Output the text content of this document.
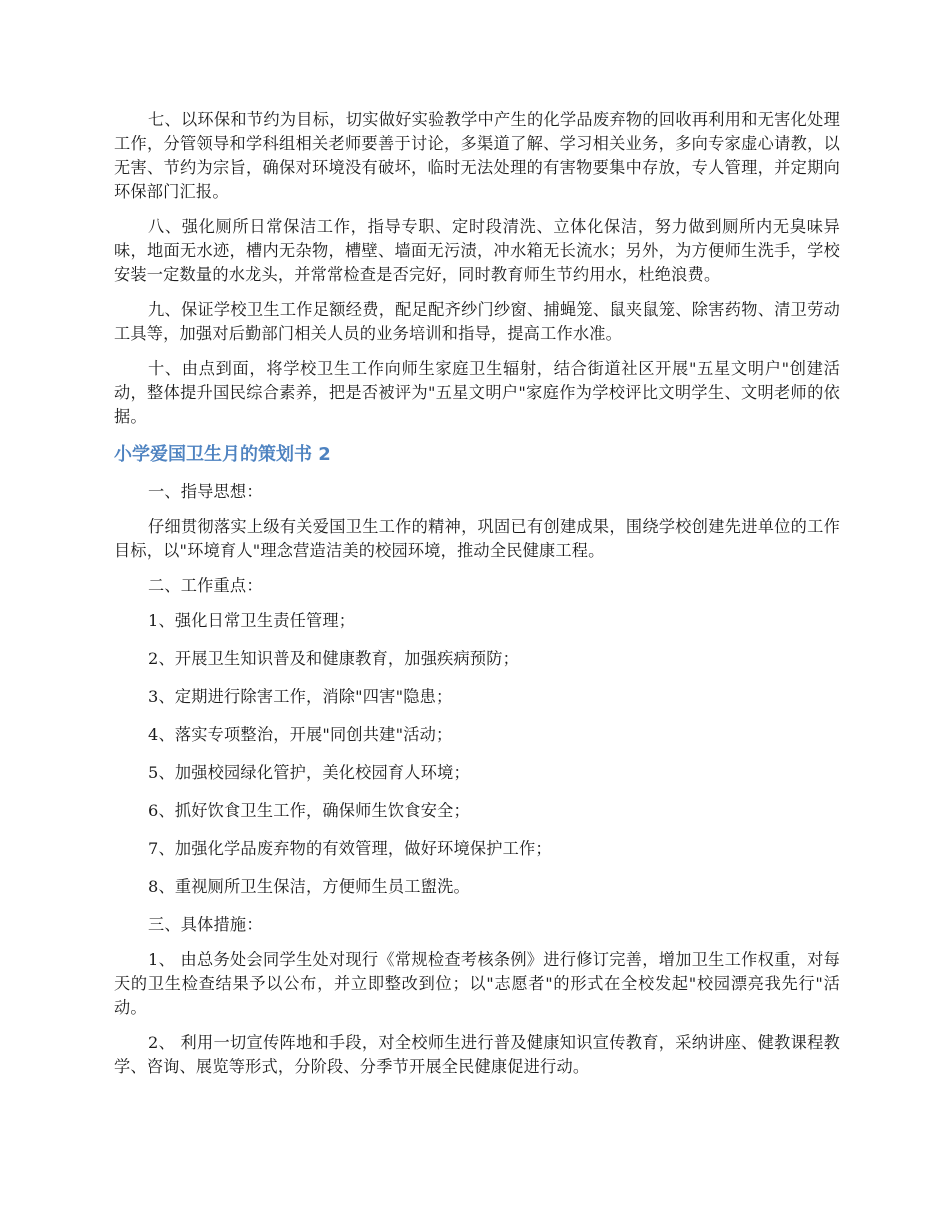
七、以环保和节约为目标，切实做好实验教学中产生的化学品废弃物的回收再利用和无害化处理工作，分管领导和学科组相关老师要善于讨论，多渠道了解、学习相关业务，多向专家虚心请教，以无害、节约为宗旨，确保对环境没有破坏，临时无法处理的有害物要集中存放，专人管理，并定期向环保部门汇报。

八、强化厕所日常保洁工作，指导专职、定时段清洗、立体化保洁，努力做到厕所内无臭味异味，地面无水迹，槽内无杂物，槽壁、墙面无污渍，冲水箱无长流水；另外，为方便师生洗手，学校安装一定数量的水龙头，并常常检查是否完好，同时教育师生节约用水，杜绝浪费。

九、保证学校卫生工作足额经费，配足配齐纱门纱窗、捕蝇笼、鼠夹鼠笼、除害药物、清卫劳动工具等，加强对后勤部门相关人员的业务培训和指导，提高工作水准。

十、由点到面，将学校卫生工作向师生家庭卫生辐射，结合街道社区开展"五星文明户"创建活动，整体提升国民综合素养，把是否被评为"五星文明户"家庭作为学校评比文明学生、文明老师的依据。

小学爱国卫生月的策划书 2

一、指导思想：

仔细贯彻落实上级有关爱国卫生工作的精神，巩固已有创建成果，围绕学校创建先进单位的工作目标，以"环境育人"理念营造洁美的校园环境，推动全民健康工程。

二、工作重点：

1、强化日常卫生责任管理；

2、开展卫生知识普及和健康教育，加强疾病预防；

3、定期进行除害工作，消除"四害"隐患；

4、落实专项整治，开展"同创共建"活动；

5、加强校园绿化管护，美化校园育人环境；

6、抓好饮食卫生工作，确保师生饮食安全；

7、加强化学品废弃物的有效管理，做好环境保护工作；

8、重视厕所卫生保洁，方便师生员工盥洗。

三、具体措施：

1、 由总务处会同学生处对现行《常规检查考核条例》进行修订完善，增加卫生工作权重，对每天的卫生检查结果予以公布，并立即整改到位；以"志愿者"的形式在全校发起"校园漂亮我先行"活动。

2、 利用一切宣传阵地和手段，对全校师生进行普及健康知识宣传教育，采纳讲座、健教课程教学、咨询、展览等形式，分阶段、分季节开展全民健康促进行动。
